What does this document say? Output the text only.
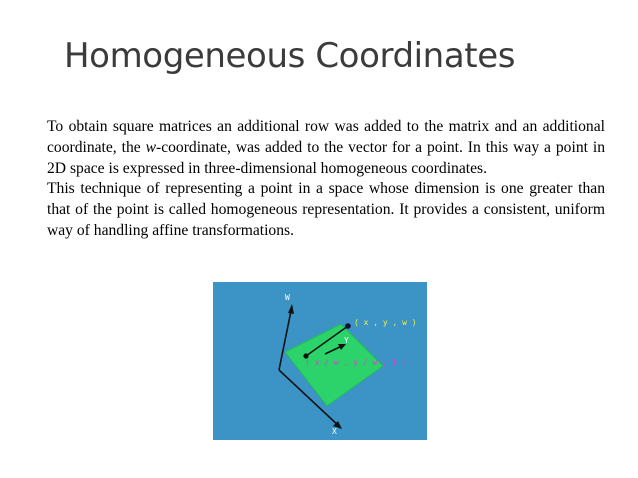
Homogeneous Coordinates

To obtain square matrices an additional row was added to the matrix and an additional coordinate, the w-coordinate, was added to the vector for a point. In this way a point in 2D space is expressed in three-dimensional homogeneous coordinates.

This technique of representing a point in a space whose dimension is one greater than that of the point is called homogeneous representation. It provides a consistent, uniform way of handling affine transformations.

W
Y
X
( x , y , w )
( x / w , y / w , 1 )
